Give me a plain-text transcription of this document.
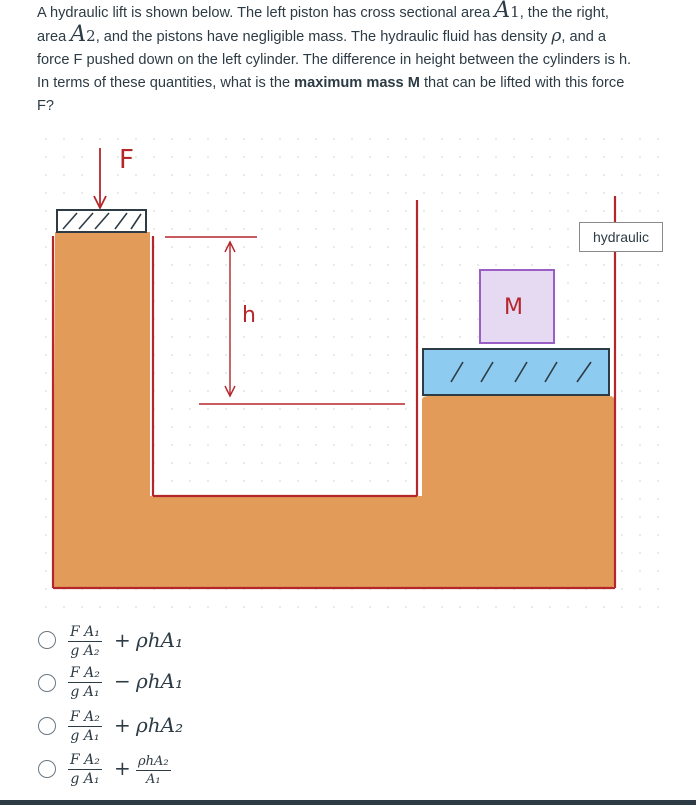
A hydraulic lift is shown below. The left piston has cross sectional area A1, the the right, area A2, and the pistons have negligible mass. The hydraulic fluid has density ρ, and a force F pushed down on the left cylinder. The difference in height between the cylinders is h. In terms of these quantities, what is the maximum mass M that can be lifted with this force F?
F
h	M
hydraulic
$\frac{\text{F A₁}}{\text{g A₂}} + \rho hA_1$
$\frac{\text{F A₂}}{\text{g A₁}} - \rho hA_1$
$\frac{\text{F A₂}}{\text{g A₁}} + \rho hA_2$
$\frac{\text{F A₂}}{\text{g A₁}} + \rho hA_2$
A₁
